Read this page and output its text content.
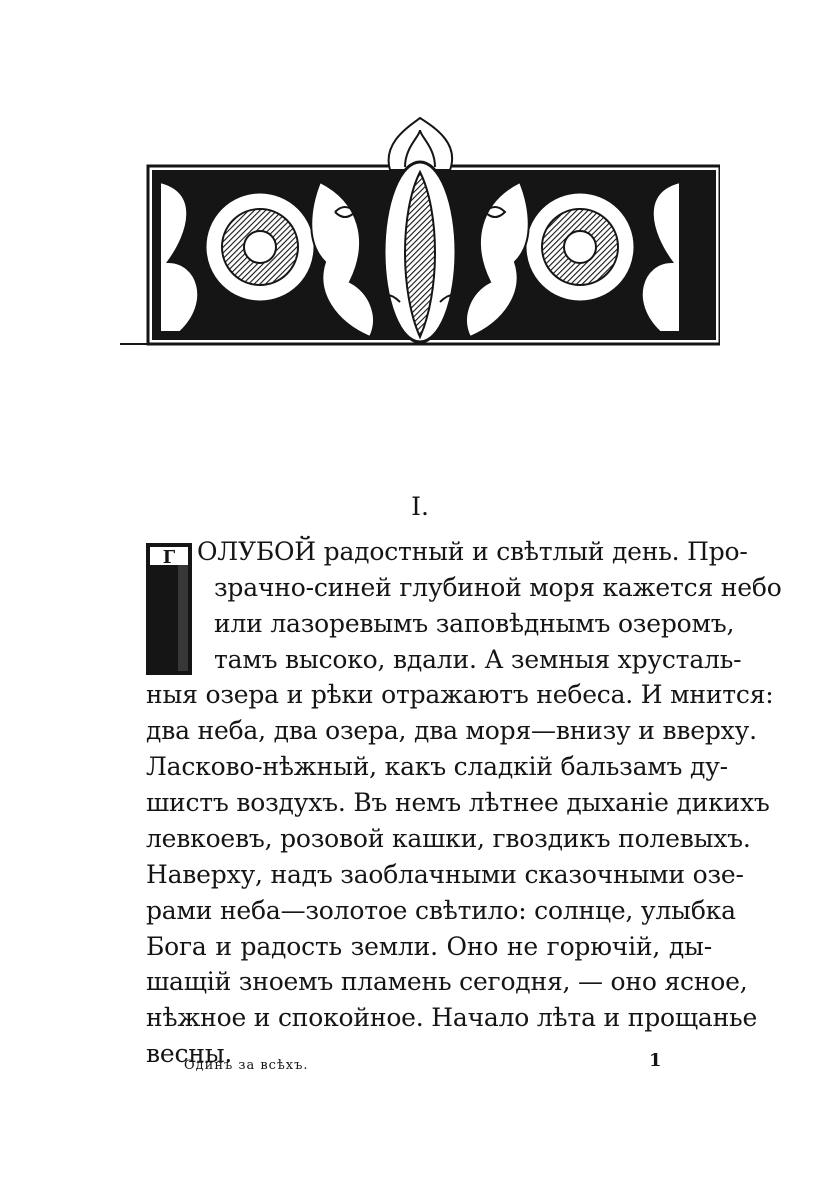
I.
Г ОЛУБОЙ радостный и свѣтлый день. Про-
зрачно-синей глубиной моря кажется небо
или лазоревымъ заповѣднымъ озеромъ,
тамъ высоко, вдали. А земныя хрусталь-
ныя озера и рѣки отражаютъ небеса. И мнится:
два неба, два озера, два моря—внизу и вверху.
Ласково-нѣжный, какъ сладкій бальзамъ ду-
шистъ воздухъ. Въ немъ лѣтнее дыханіе дикихъ
левкоевъ, розовой кашки, гвоздикъ полевыхъ.
Наверху, надъ заоблачными сказочными озе-
рами неба—золотое свѣтило: солнце, улыбка
Бога и радость земли. Оно не горючій, ды-
шащій зноемъ пламень сегодня, — оно ясное,
нѣжное и спокойное. Начало лѣта и прощанье
весны.
Одинъ за всѣхъ.	1
